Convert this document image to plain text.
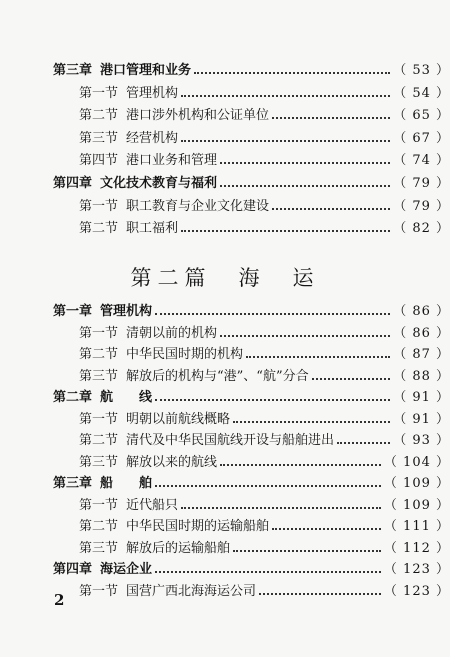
第三章 港口管理和业务	（ 53 ）
第一节 管理机构	（ 54 ）
第二节 港口涉外机构和公证单位	（ 65 ）
第三节 经营机构	（ 67 ）
第四节 港口业务和管理	（ 74 ）
第四章 文化技术教育与福利	（ 79 ）
第一节 职工教育与企业文化建设	（ 79 ）
第二节 职工福利	（ 82 ）
第二篇　海　运
第一章 管理机构	（ 86 ）
第一节 清朝以前的机构	（ 86 ）
第二节 中华民国时期的机构	（ 87 ）
第三节 解放后的机构与“港”、“航”分合	（ 88 ）
第二章 航　　线	（ 91 ）
第一节 明朝以前航线概略	（ 91 ）
第二节 清代及中华民国航线开设与船舶进出	（ 93 ）
第三节 解放以来的航线	（ 104 ）
第三章 船　　舶	（ 109 ）
第一节 近代船只	（ 109 ）
第二节 中华民国时期的运输船舶	（ 111 ）
第三节 解放后的运输船舶	（ 112 ）
第四章 海运企业	（ 123 ）
第一节 国营广西北海海运公司	（ 123 ）
2
